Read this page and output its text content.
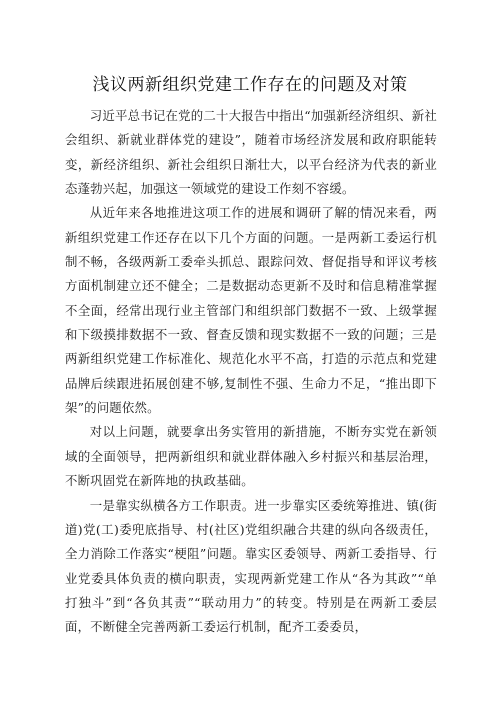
浅议两新组织党建工作存在的问题及对策

习近平总书记在党的二十大报告中指出“加强新经济组织、新社会组织、新就业群体党的建设”，随着市场经济发展和政府职能转变，新经济组织、新社会组织日渐壮大，以平台经济为代表的新业态蓬勃兴起，加强这一领域党的建设工作刻不容缓。

从近年来各地推进这项工作的进展和调研了解的情况来看，两新组织党建工作还存在以下几个方面的问题。一是两新工委运行机制不畅，各级两新工委牵头抓总、跟踪问效、督促指导和评议考核方面机制建立还不健全；二是数据动态更新不及时和信息精准掌握不全面，经常出现行业主管部门和组织部门数据不一致、上级掌握和下级摸排数据不一致、督查反馈和现实数据不一致的问题；三是两新组织党建工作标准化、规范化水平不高，打造的示范点和党建品牌后续跟进拓展创建不够,复制性不强、生命力不足，“推出即下架”的问题依然。

对以上问题，就要拿出务实管用的新措施，不断夯实党在新领域的全面领导，把两新组织和就业群体融入乡村振兴和基层治理，不断巩固党在新阵地的执政基础。

一是靠实纵横各方工作职责。进一步靠实区委统筹推进、镇(街道)党(工)委兜底指导、村(社区)党组织融合共建的纵向各级责任，全力消除工作落实“梗阻”问题。靠实区委领导、两新工委指导、行业党委具体负责的横向职责，实现两新党建工作从“各为其政”“单打独斗”到“各负其责”“联动用力”的转变。特别是在两新工委层面，不断健全完善两新工委运行机制，配齐工委委员，
